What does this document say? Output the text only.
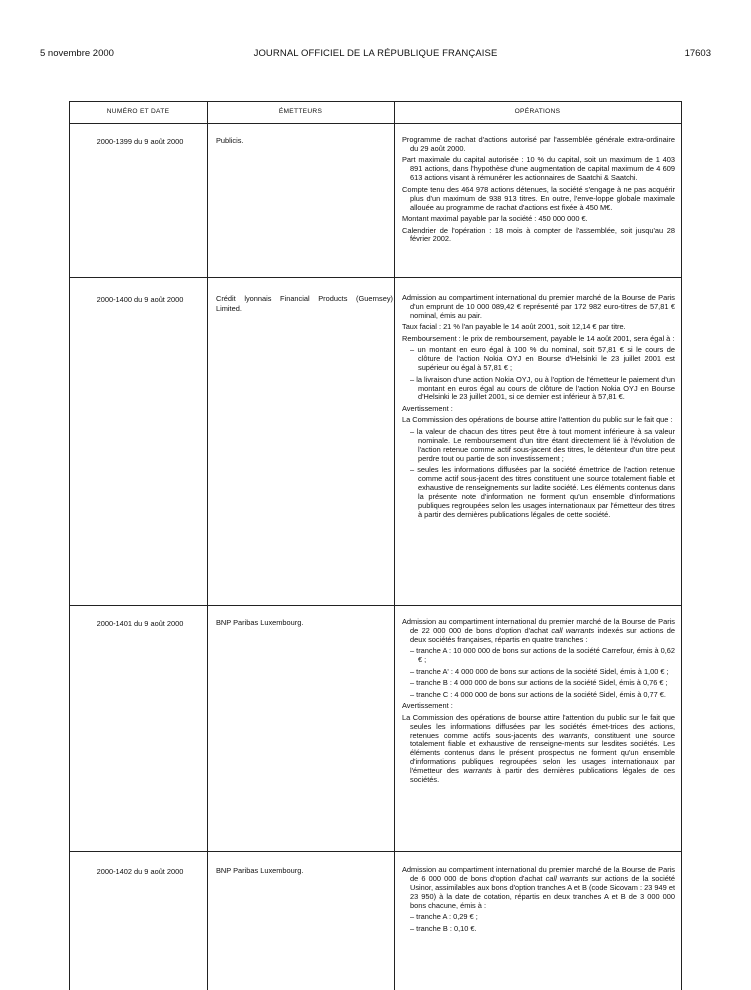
5 novembre 2000	JOURNAL OFFICIEL DE LA RÉPUBLIQUE FRANÇAISE	17603
NUMÉRO ET DATE	ÉMETTEURS	OPÉRATIONS
2000-1399 du 9 août 2000	Publicis.	Programme de rachat d'actions autorisé par l'assemblée générale extra-ordinaire du 29 août 2000.

Part maximale du capital autorisée : 10 % du capital, soit un maximum de 1 403 891 actions, dans l'hypothèse d'une augmentation de capital maximum de 4 609 613 actions visant à rémunérer les actionnaires de Saatchi & Saatchi.

Compte tenu des 464 978 actions détenues, la société s'engage à ne pas acquérir plus d'un maximum de 938 913 titres. En outre, l'enve-loppe globale maximale allouée au programme de rachat d'actions est fixée à 450 M€.

Montant maximal payable par la société : 450 000 000 €.

Calendrier de l'opération : 18 mois à compter de l'assemblée, soit jusqu'au 28 février 2002.

2000-1400 du 9 août 2000	Crédit lyonnais Financial Products (Guernsey) Limited.

Admission au compartiment international du premier marché de la Bourse de Paris d'un emprunt de 10 000 089,42 € représenté par 172 982 euro-titres de 57,81 € nominal, émis au pair.

Taux facial : 21 % l'an payable le 14 août 2001, soit 12,14 € par titre.

Remboursement : le prix de remboursement, payable le 14 août 2001, sera égal à :

– un montant en euro égal à 100 % du nominal, soit 57,81 € si le cours de clôture de l'action Nokia OYJ en Bourse d'Helsinki le 23 juillet 2001 est supérieur ou égal à 57,81 € ;

– la livraison d'une action Nokia OYJ, ou à l'option de l'émetteur le paiement d'un montant en euros égal au cours de clôture de l'action Nokia OYJ en Bourse d'Helsinki le 23 juillet 2001, si ce dernier est inférieur à 57,81 €.

Avertissement :

La Commission des opérations de bourse attire l'attention du public sur le fait que :

– la valeur de chacun des titres peut être à tout moment inférieure à sa valeur nominale. Le remboursement d'un titre étant directement lié à l'évolution de l'action retenue comme actif sous-jacent des titres, le détenteur d'un titre peut perdre tout ou partie de son investissement ;

– seules les informations diffusées par la société émettrice de l'action retenue comme actif sous-jacent des titres constituent une source totalement fiable et exhaustive de renseignements sur ladite société. Les éléments contenus dans la présente note d'information ne forment qu'un ensemble d'informations publiques regroupées selon les usages internationaux par l'émetteur des titres à partir des dernières publications légales de cette société.

2000-1401 du 9 août 2000	BNP Paribas Luxembourg.	Admission au compartiment international du premier marché de la Bourse de Paris de 22 000 000 de bons d'option d'achat call warrants indexés sur actions de deux sociétés françaises, répartis en quatre tranches :

– tranche A : 10 000 000 de bons sur actions de la société Carrefour, émis à 0,62 € ;

– tranche A' : 4 000 000 de bons sur actions de la société Sidel, émis à 1,00 € ;

– tranche B : 4 000 000 de bons sur actions de la société Sidel, émis à 0,76 € ;

– tranche C : 4 000 000 de bons sur actions de la société Sidel, émis à 0,77 €.

Avertissement :

La Commission des opérations de bourse attire l'attention du public sur le fait que seules les informations diffusées par les sociétés émet-trices des actions, retenues comme actifs sous-jacents des warrants, constituent une source totalement fiable et exhaustive de renseigne-ments sur lesdites sociétés. Les éléments contenus dans le présent prospectus ne forment qu'un ensemble d'informations publiques regroupées selon les usages internationaux par l'émetteur des warrants à partir des dernières publications légales de ces sociétés.

2000-1402 du 9 août 2000	BNP Paribas Luxembourg.	Admission au compartiment international du premier marché de la Bourse de Paris de 6 000 000 de bons d'option d'achat call warrants sur actions de la société Usinor, assimilables aux bons d'option tranches A et B (code Sicovam : 23 949 et 23 950) à la date de cotation, répartis en deux tranches A et B de 3 000 000 bons chacune, émis à :

– tranche A : 0,29 € ;

– tranche B : 0,10 €.
